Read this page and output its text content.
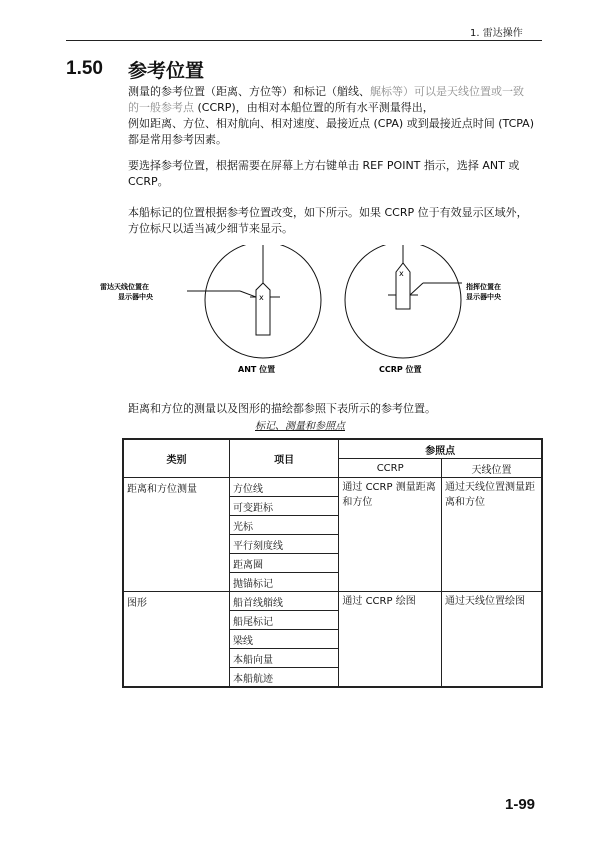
1. 雷达操作
1.50 参考位置

测量的参考位置（距离、方位等）和标记（艏线、艉标等）可以是天线位置或一致

的一般参考点 (CCRP)，由相对本船位置的所有水平测量得出，

例如距离、方位、相对航向、相对速度、最接近点 (CPA) 或到最接近点时间 (TCPA)

都是常用参考因素。

要选择参考位置，根据需要在屏幕上方右键单击 REF POINT 指示，选择 ANT 或

CCRP。

本船标记的位置根据参考位置改变，如下所示。如果 CCRP 位于有效显示区域外，

方位标尺以适当减少细节来显示。

x
雷达天线位置在
显示器中央
ANT 位置
x
指挥位置在
显示器中央
CCRP 位置
距离和方位的测量以及图形的描绘都参照下表所示的参考位置。
标记、测量和参照点
类别	项目	参照点	
		CCRP	天线位置
距离和方位测量	方位线	通过 CCRP 测量距离和方位	通过天线位置测量距离和方位
	可变距标		
	光标		
	平行刻度线		
	距离圈		
	抛锚标记		
图形	船首线艏线	通过 CCRP 绘图	通过天线位置绘图
	船尾标记		
	梁线		
	本船向量		
	本船航迹		
1-99
